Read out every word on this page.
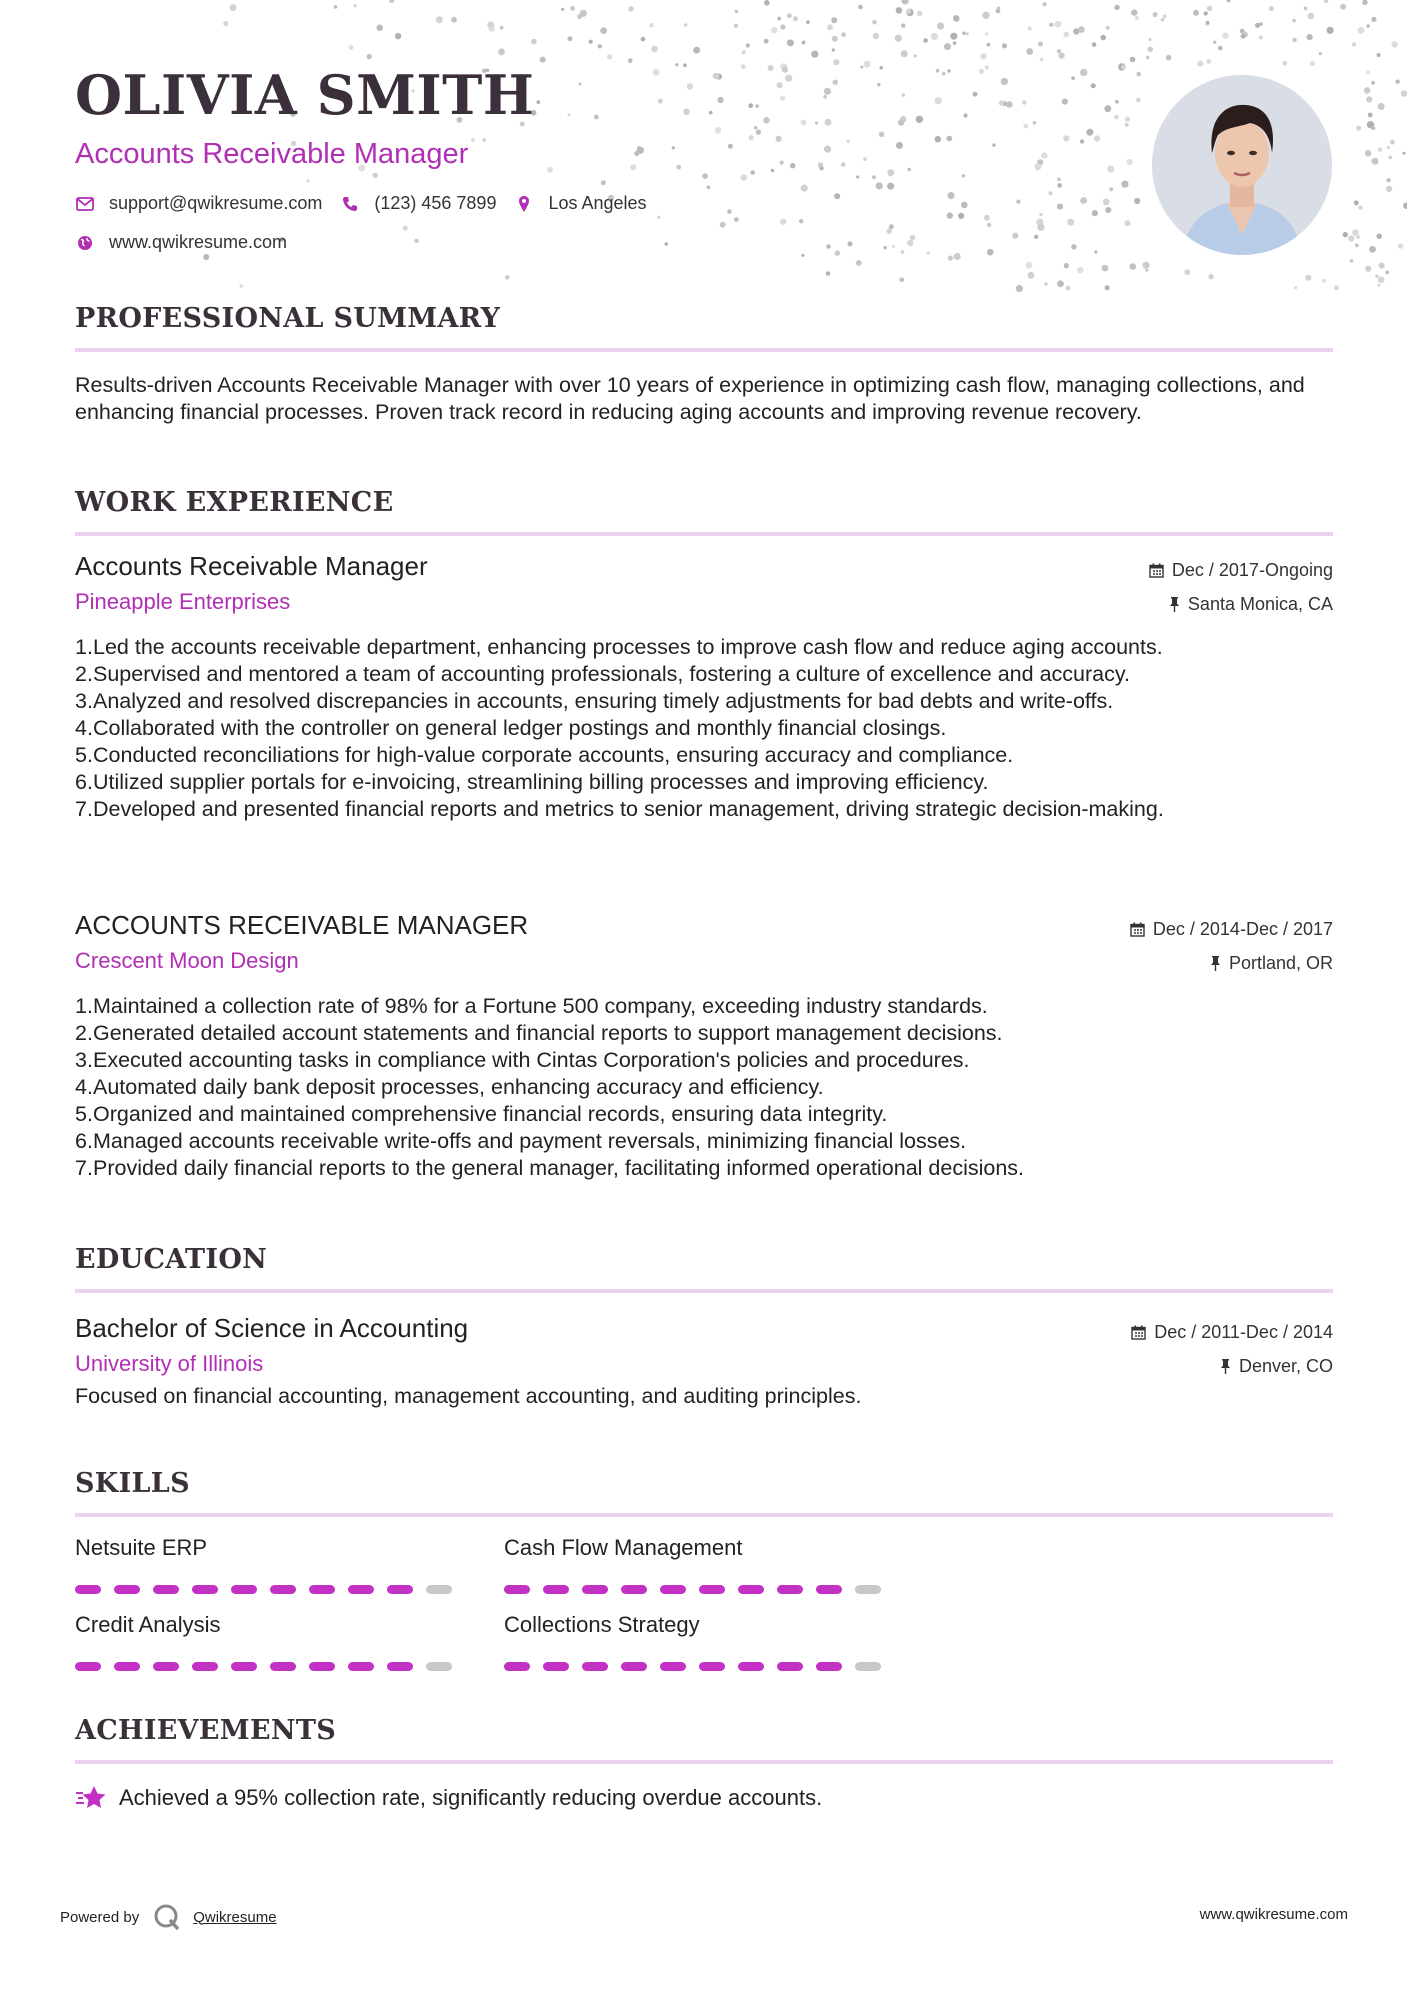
OLIVIA SMITH
Accounts Receivable Manager
support@qwikresume.com	(123) 456 7899	Los Angeles
www.qwikresume.com
PROFESSIONAL SUMMARY
Results-driven Accounts Receivable Manager with over 10 years of experience in optimizing cash flow, managing collections, and enhancing financial processes. Proven track record in reducing aging accounts and improving revenue recovery.
WORK EXPERIENCE
Accounts Receivable Manager
Pineapple Enterprises
Dec / 2017-Ongoing
Santa Monica, CA
1. Led the accounts receivable department, enhancing processes to improve cash flow and reduce aging accounts.
2. Supervised and mentored a team of accounting professionals, fostering a culture of excellence and accuracy.
3. Analyzed and resolved discrepancies in accounts, ensuring timely adjustments for bad debts and write-offs.
4. Collaborated with the controller on general ledger postings and monthly financial closings.
5. Conducted reconciliations for high-value corporate accounts, ensuring accuracy and compliance.
6. Utilized supplier portals for e-invoicing, streamlining billing processes and improving efficiency.
7. Developed and presented financial reports and metrics to senior management, driving strategic decision-making.
ACCOUNTS RECEIVABLE MANAGER
Crescent Moon Design
Dec / 2014-Dec / 2017
Portland, OR
1. Maintained a collection rate of 98% for a Fortune 500 company, exceeding industry standards.
2. Generated detailed account statements and financial reports to support management decisions.
3. Executed accounting tasks in compliance with Cintas Corporation's policies and procedures.
4. Automated daily bank deposit processes, enhancing accuracy and efficiency.
5. Organized and maintained comprehensive financial records, ensuring data integrity.
6. Managed accounts receivable write-offs and payment reversals, minimizing financial losses.
7. Provided daily financial reports to the general manager, facilitating informed operational decisions.
EDUCATION
Bachelor of Science in Accounting
University of Illinois
Dec / 2011-Dec / 2014
Denver, CO
Focused on financial accounting, management accounting, and auditing principles.
SKILLS
Netsuite ERP	Cash Flow Management
Credit Analysis	Collections Strategy
ACHIEVEMENTS
Achieved a 95% collection rate, significantly reducing overdue accounts.
Powered by	Qwikresume	www.qwikresume.com
